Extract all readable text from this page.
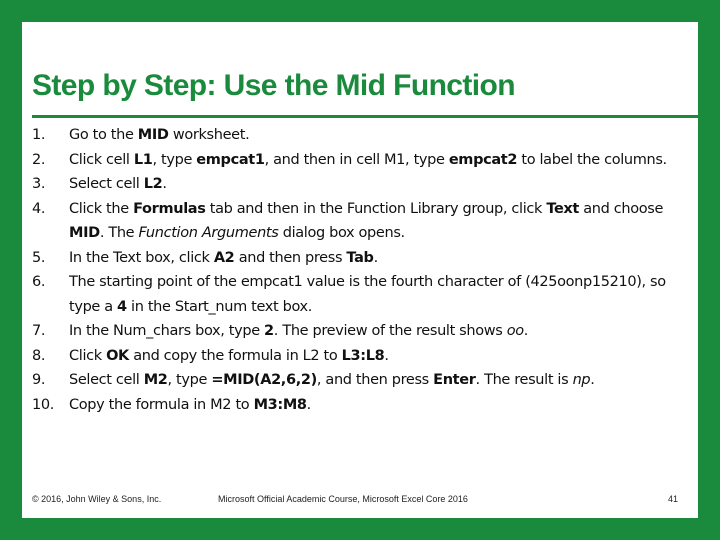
Step by Step: Use the Mid Function
1.	Go to the MID worksheet.
2.	Click cell L1, type empcat1, and then in cell M1, type empcat2 to label the columns.
3.	Select cell L2.
4.	Click the Formulas tab and then in the Function Library group, click Text and choose MID. The Function Arguments dialog box opens.
5.	In the Text box, click A2 and then press Tab.
6.	The starting point of the empcat1 value is the fourth character of (425oonp15210), so type a 4 in the Start_num text box.
7.	In the Num_chars box, type 2. The preview of the result shows oo.
8.	Click OK and copy the formula in L2 to L3:L8.
9.	Select cell M2, type =MID(A2,6,2), and then press Enter. The result is np.
10.	Copy the formula in M2 to M3:M8.
© 2016, John Wiley & Sons, Inc.	Microsoft Official Academic Course, Microsoft Excel Core 2016	41
